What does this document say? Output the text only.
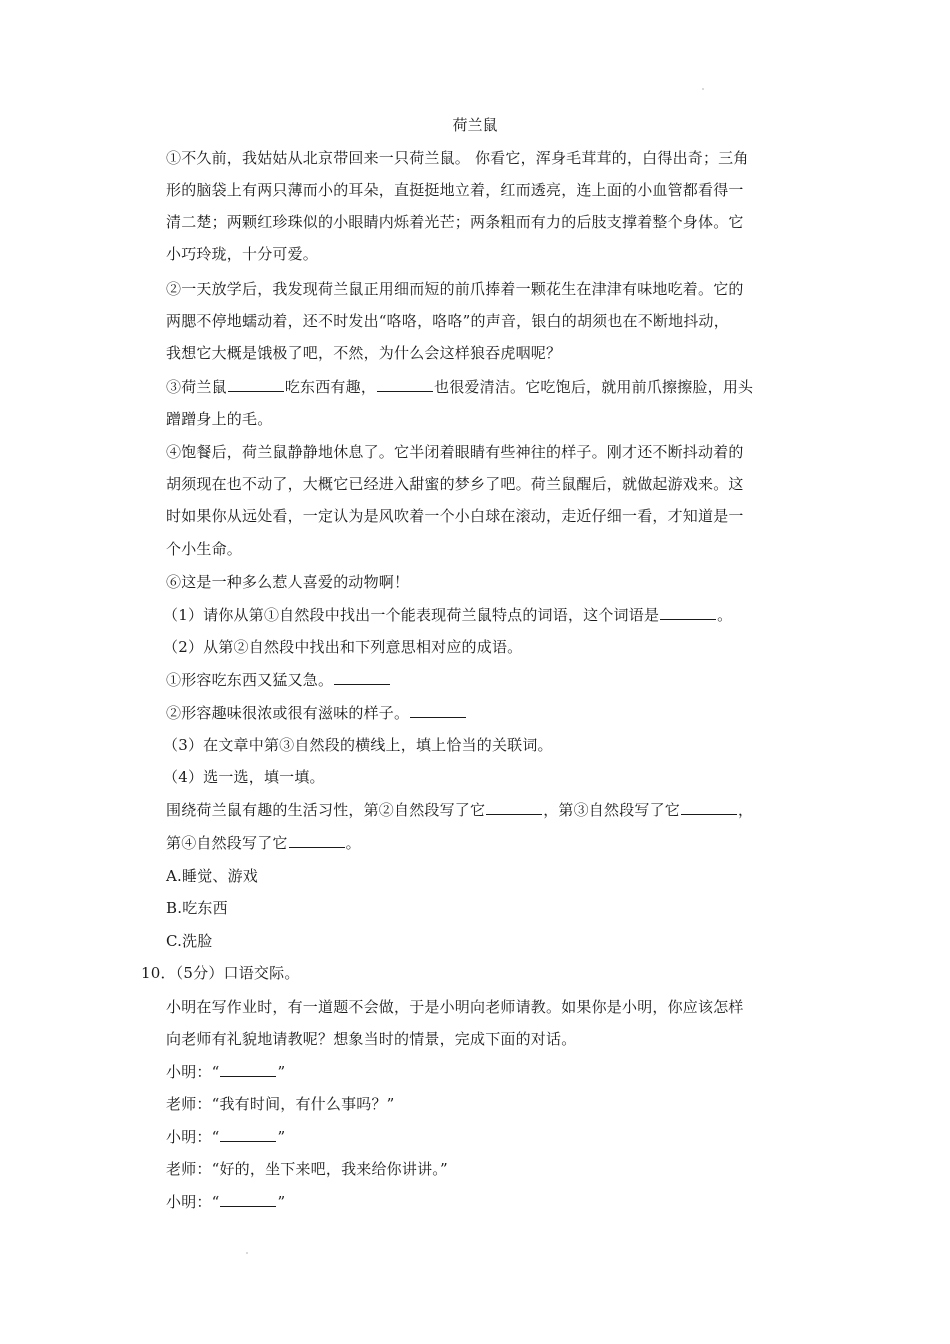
荷兰鼠
①不久前，我姑姑从北京带回来一只荷兰鼠。 你看它，浑身毛茸茸的，白得出奇；三角
形的脑袋上有两只薄而小的耳朵，直挺挺地立着，红而透亮，连上面的小血管都看得一
清二楚；两颗红珍珠似的小眼睛内烁着光芒；两条粗而有力的后肢支撑着整个身体。它
小巧玲珑，十分可爱。
②一天放学后，我发现荷兰鼠正用细而短的前爪捧着一颗花生在津津有味地吃着。它的
两腮不停地蠕动着，还不时发出“咯咯，咯咯”的声音，银白的胡须也在不断地抖动，
我想它大概是饿极了吧，不然，为什么会这样狼吞虎咽呢？
③荷兰鼠	吃东西有趣，	也很爱清洁。它吃饱后，就用前爪擦擦脸，用头
蹭蹭身上的毛。
④饱餐后，荷兰鼠静静地休息了。它半闭着眼睛有些神往的样子。刚才还不断抖动着的
胡须现在也不动了，大概它已经进入甜蜜的梦乡了吧。荷兰鼠醒后，就做起游戏来。这
时如果你从远处看，一定认为是风吹着一个小白球在滚动，走近仔细一看，才知道是一
个小生命。
⑥这是一种多么惹人喜爱的动物啊！
（1）请你从第①自然段中找出一个能表现荷兰鼠特点的词语，这个词语是	。
（2）从第②自然段中找出和下列意思相对应的成语。
①形容吃东西又猛又急。
②形容趣味很浓或很有滋味的样子。
（3）在文章中第③自然段的横线上，填上恰当的关联词。
（4）选一选，填一填。
围绕荷兰鼠有趣的生活习性，第②自然段写了它	，第③自然段写了它	，
第④自然段写了它	。
A.睡觉、游戏
B.吃东西
C.洗脸
10．（5分）口语交际。
小明在写作业时，有一道题不会做，于是小明向老师请教。如果你是小明，你应该怎样
向老师有礼貌地请教呢？想象当时的情景，完成下面的对话。
小明：“	”
老师：“我有时间，有什么事吗？”
小明：“	”
老师：“好的，坐下来吧，我来给你讲讲。”
小明：“	”
